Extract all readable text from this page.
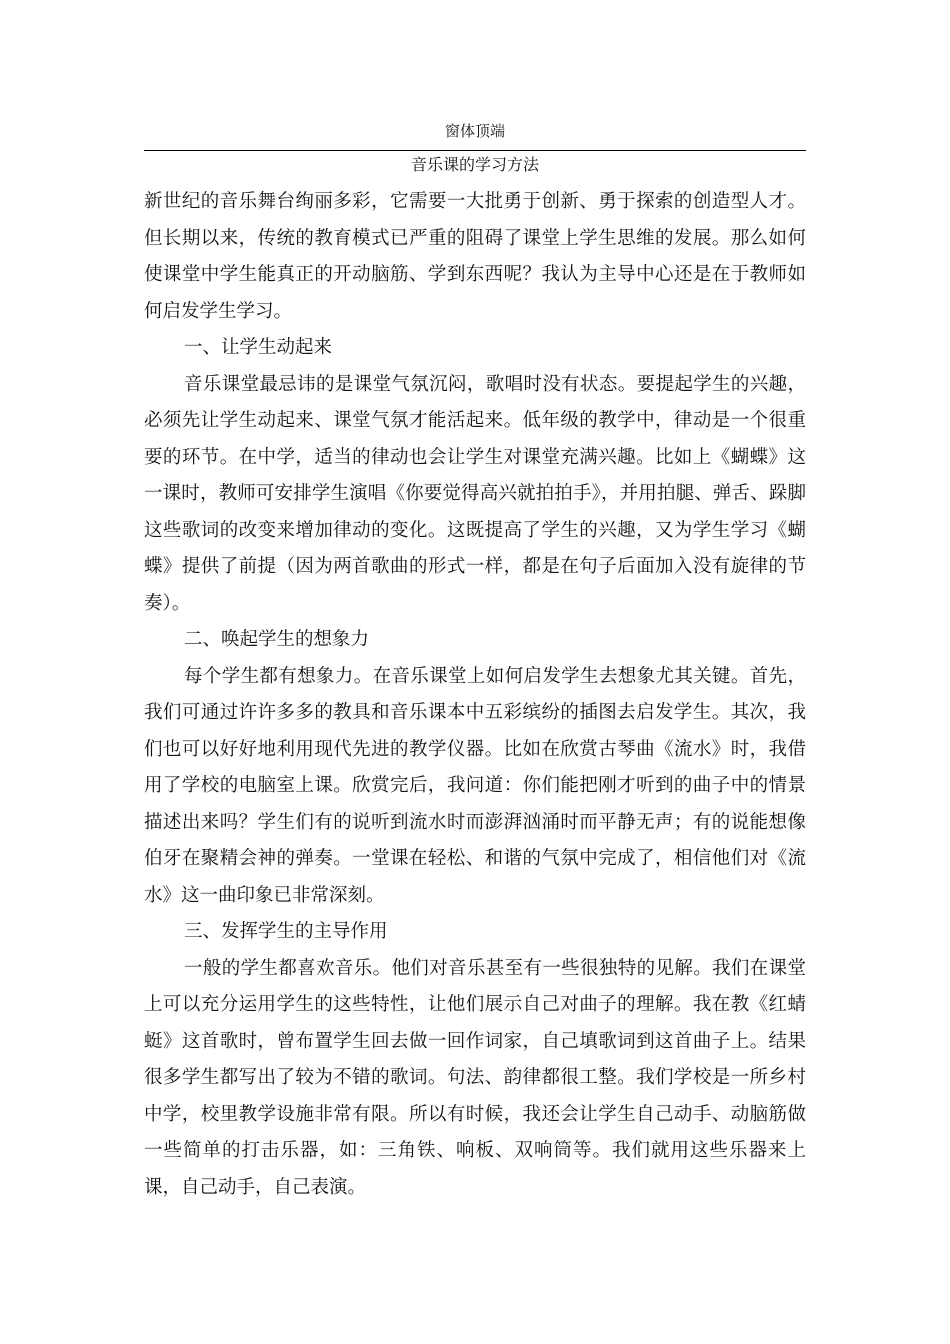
窗体顶端
音乐课的学习方法

新世纪的音乐舞台绚丽多彩，它需要一大批勇于创新、勇于探索的创造型人才。但长期以来，传统的教育模式已严重的阻碍了课堂上学生思维的发展。那么如何使课堂中学生能真正的开动脑筋、学到东西呢？我认为主导中心还是在于教师如何启发学生学习。

一、让学生动起来

音乐课堂最忌讳的是课堂气氛沉闷，歌唱时没有状态。要提起学生的兴趣，必须先让学生动起来、课堂气氛才能活起来。低年级的教学中，律动是一个很重要的环节。在中学，适当的律动也会让学生对课堂充满兴趣。比如上《蝴蝶》这一课时，教师可安排学生演唱《你要觉得高兴就拍拍手》，并用拍腿、弹舌、跺脚这些歌词的改变来增加律动的变化。这既提高了学生的兴趣，又为学生学习《蝴蝶》提供了前提（因为两首歌曲的形式一样，都是在句子后面加入没有旋律的节奏）。

二、唤起学生的想象力

每个学生都有想象力。在音乐课堂上如何启发学生去想象尤其关键。首先，我们可通过许许多多的教具和音乐课本中五彩缤纷的插图去启发学生。其次，我们也可以好好地利用现代先进的教学仪器。比如在欣赏古琴曲《流水》时，我借用了学校的电脑室上课。欣赏完后，我问道：你们能把刚才听到的曲子中的情景描述出来吗？学生们有的说听到流水时而澎湃汹涌时而平静无声；有的说能想像伯牙在聚精会神的弹奏。一堂课在轻松、和谐的气氛中完成了，相信他们对《流水》这一曲印象已非常深刻。

三、发挥学生的主导作用

一般的学生都喜欢音乐。他们对音乐甚至有一些很独特的见解。我们在课堂上可以充分运用学生的这些特性，让他们展示自己对曲子的理解。我在教《红蜻蜓》这首歌时，曾布置学生回去做一回作词家，自己填歌词到这首曲子上。结果很多学生都写出了较为不错的歌词。句法、韵律都很工整。我们学校是一所乡村中学，校里教学设施非常有限。所以有时候，我还会让学生自己动手、动脑筋做一些简单的打击乐器，如：三角铁、响板、双响筒等。我们就用这些乐器来上课，自己动手，自己表演。
